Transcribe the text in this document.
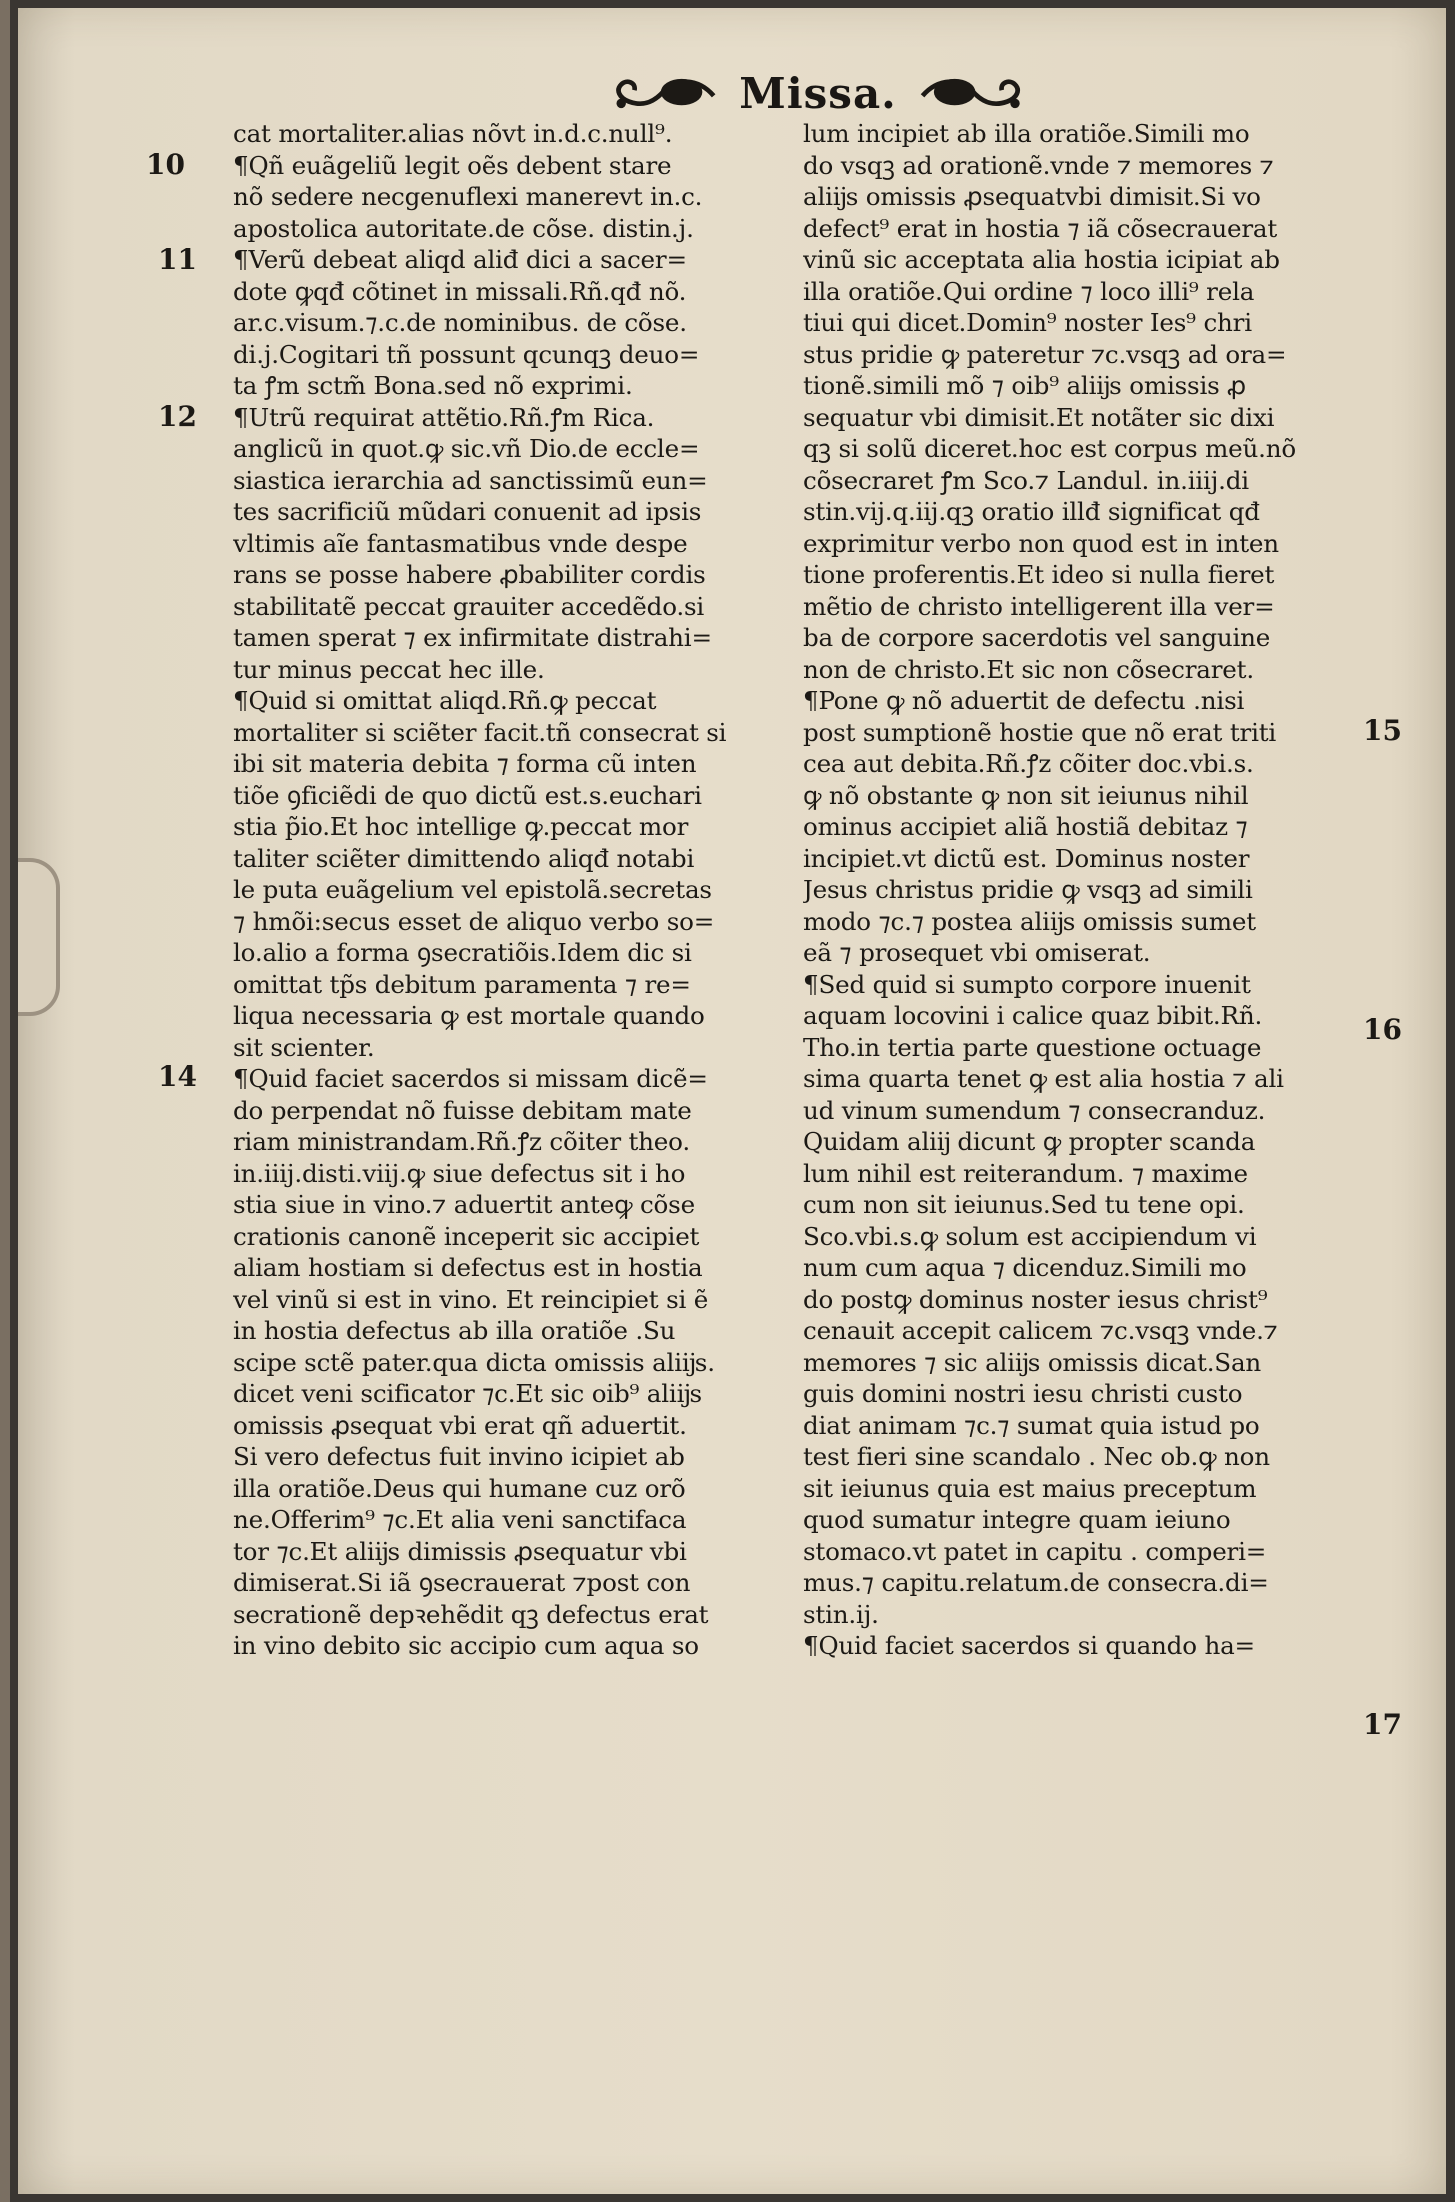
Missa.
cat mortaliter.alias nõvt in.d.c.null⁹.
¶Qñ euãgeliũ legit oẽs debent stare
nõ sedere necgenuflexi manerevt in.c.
apostolica autoritate.de cõse. distin.j.
¶Verũ debeat aliqd aliđ dici a sacer=
dote ꝙqđ cõtinet in missali.Rñ.qđ nõ.
ar.c.visum.⁊.c.de nominibus. de cõse.
di.j.Cogitari tñ possunt qcunqꝫ deuo=
ta ꝭm sctm̃ Bona.sed nõ exprimi.
¶Utrũ requirat attẽtio.Rñ.ꝭm Rica.
anglicũ in quot.ꝙ sic.vñ Dio.de eccle=
siastica ierarchia ad sanctissimũ eun=
tes sacrificiũ mũdari conuenit ad ipsis
vltimis aĩe fantasmatibus vnde despe
rans se posse habere ꝓbabiliter cordis
stabilitatẽ peccat grauiter accedẽdo.si
tamen sperat ⁊ ex infirmitate distrahi=
tur minus peccat hec ille.
¶Quid si omittat aliqd.Rñ.ꝙ peccat
mortaliter si sciẽter facit.tñ consecrat si
ibi sit materia debita ⁊ forma cũ inten
tiõe ꝯficiẽdi de quo dictũ est.s.euchari
stia p̃io.Et hoc intellige ꝙ.peccat mor
taliter sciẽter dimittendo aliqđ notabi
le puta euãgelium vel epistolã.secretas
⁊ hmõi:secus esset de aliquo verbo so=
lo.alio a forma ꝯsecratiõis.Idem dic si
omittat tp̃s debitum paramenta ⁊ re=
liqua necessaria ꝙ est mortale quando
sit scienter.
¶Quid faciet sacerdos si missam dicẽ=
do perpendat nõ fuisse debitam mate
riam ministrandam.Rñ.ꝭz cõiter theo.
in.iiij.disti.viij.ꝙ siue defectus sit i ho
stia siue in vino.⁊ aduertit anteꝙ cõse
crationis canonẽ inceperit sic accipiet
aliam hostiam si defectus est in hostia
vel vinũ si est in vino. Et reincipiet si ẽ
in hostia defectus ab illa oratiõe .Su
scipe sctẽ pater.qua dicta omissis aliĳs.
dicet veni scificator ⁊c.Et sic oib⁹ aliĳs
omissis ꝓsequat vbi erat qñ aduertit.
Si vero defectus fuit invino icipiet ab
illa oratiõe.Deus qui humane cuz orõ
ne.Offerim⁹ ⁊c.Et alia veni sanctifaca
tor ⁊c.Et aliĳs dimissis ꝓsequatur vbi
dimiserat.Si iã ꝯsecrauerat ⁊post con
secrationẽ depꝛehẽdit qꝫ defectus erat
in vino debito sic accipio cum aqua so
lum incipiet ab illa oratiõe.Simili mo
do vsqꝫ ad orationẽ.vnde ⁊ memores ⁊
aliĳs omissis ꝓsequatvbi dimisit.Si vo
defect⁹ erat in hostia ⁊ iã cõsecrauerat
vinũ sic acceptata alia hostia icipiat ab
illa oratiõe.Qui ordine ⁊ loco illi⁹ rela
tiui qui dicet.Domin⁹ noster Ies⁹ chri
stus pridie ꝙ pateretur ⁊c.vsqꝫ ad ora=
tionẽ.simili mõ ⁊ oib⁹ aliĳs omissis ꝓ
sequatur vbi dimisit.Et notãter sic dixi
qꝫ si solũ diceret.hoc est corpus meũ.nõ
cõsecraret ꝭm Sco.⁊ Landul. in.iiij.di
stin.vij.q.iij.qꝫ oratio illđ significat qđ
exprimitur verbo non quod est in inten
tione proferentis.Et ideo si nulla fieret
mẽtio de christo intelligerent illa ver=
ba de corpore sacerdotis vel sanguine
non de christo.Et sic non cõsecraret.
¶Pone ꝙ nõ aduertit de defectu .nisi
post sumptionẽ hostie que nõ erat triti
cea aut debita.Rñ.ꝭz cõiter doc.vbi.s.
ꝙ nõ obstante ꝙ non sit ieiunus nihil
ominus accipiet aliã hostiã debitaz ⁊
incipiet.vt dictũ est. Dominus noster
Jesus christus pridie ꝙ vsqꝫ ad simili
modo ⁊c.⁊ postea aliĳs omissis sumet
eã ⁊ prosequet vbi omiserat.
¶Sed quid si sumpto corpore inuenit
aquam locovini i calice quaz bibit.Rñ.
Tho.in tertia parte questione octuage
sima quarta tenet ꝙ est alia hostia ⁊ ali
ud vinum sumendum ⁊ consecranduz.
Quidam aliĳ dicunt ꝙ propter scanda
lum nihil est reiterandum. ⁊ maxime
cum non sit ieiunus.Sed tu tene opi.
Sco.vbi.s.ꝙ solum est accipiendum vi
num cum aqua ⁊ dicenduz.Simili mo
do postꝙ dominus noster iesus christ⁹
cenauit accepit calicem ⁊c.vsqꝫ vnde.⁊
memores ⁊ sic aliĳs omissis dicat.San
guis domini nostri iesu christi custo
diat animam ⁊c.⁊ sumat quia istud po
test fieri sine scandalo . Nec ob.ꝙ non
sit ieiunus quia est maius preceptum
quod sumatur integre quam ieiuno
stomaco.vt patet in capitu . comperi=
mus.⁊ capitu.relatum.de consecra.di=
stin.ij.
¶Quid faciet sacerdos si quando ha=
10
11
12
14
15
16
17
